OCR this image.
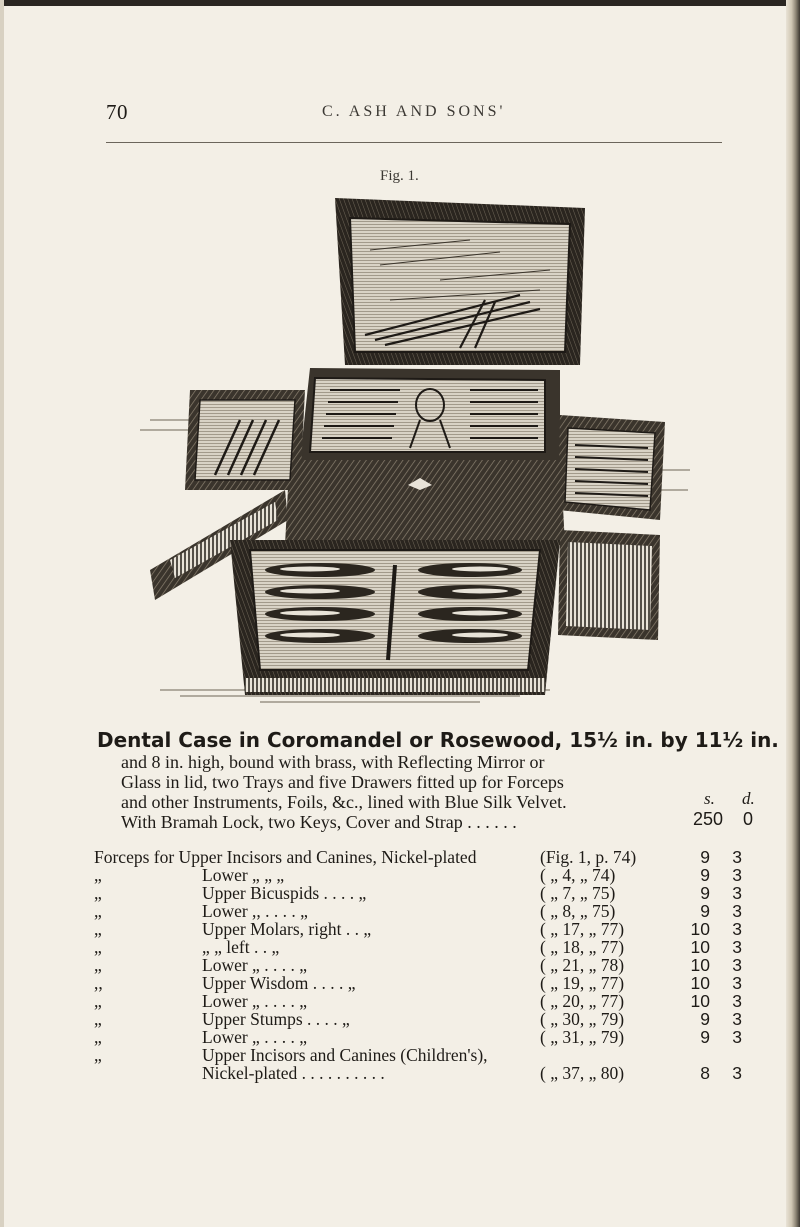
70	C. ASH AND SONS'
Fig. 1.
Dental Case in Coromandel or Rosewood, 15½ in. by 11½ in.
and 8 in. high, bound with brass, with Reflecting Mirror or
Glass in lid, two Trays and five Drawers fitted up for Forceps
and other Instruments, Foils, &c., lined with Blue Silk Velvet.
With Bramah Lock, two Keys, Cover and Strap . . . . . .
s. d.
250 0
Forceps for Upper Incisors and Canines, Nickel-plated	(Fig. 1, p. 74)	9 3
„	Lower „ „ „	( „ 4, „ 74)	9 3
„	Upper Bicuspids . . . . „	( „ 7, „ 75)	9 3
„	Lower ,, . . . . „	( „ 8, „ 75)	9 3
„	Upper Molars, right . . „	( „ 17, „ 77)	10 3
„	„ „ left . . „	( „ 18, „ 77)	10 3
„	Lower „ . . . . „	( „ 21, „ 78)	10 3
,,	Upper Wisdom . . . . „	( „ 19, „ 77)	10 3
„	Lower „ . . . . „	( „ 20, „ 77)	10 3
„	Upper Stumps . . . . „	( „ 30, „ 79)	9 3
„	Lower „ . . . . „	( „ 31, „ 79)	9 3
„	Upper Incisors and Canines (Children's),
Nickel-plated . . . . . . . . . .	( „ 37, „ 80)	8 3
